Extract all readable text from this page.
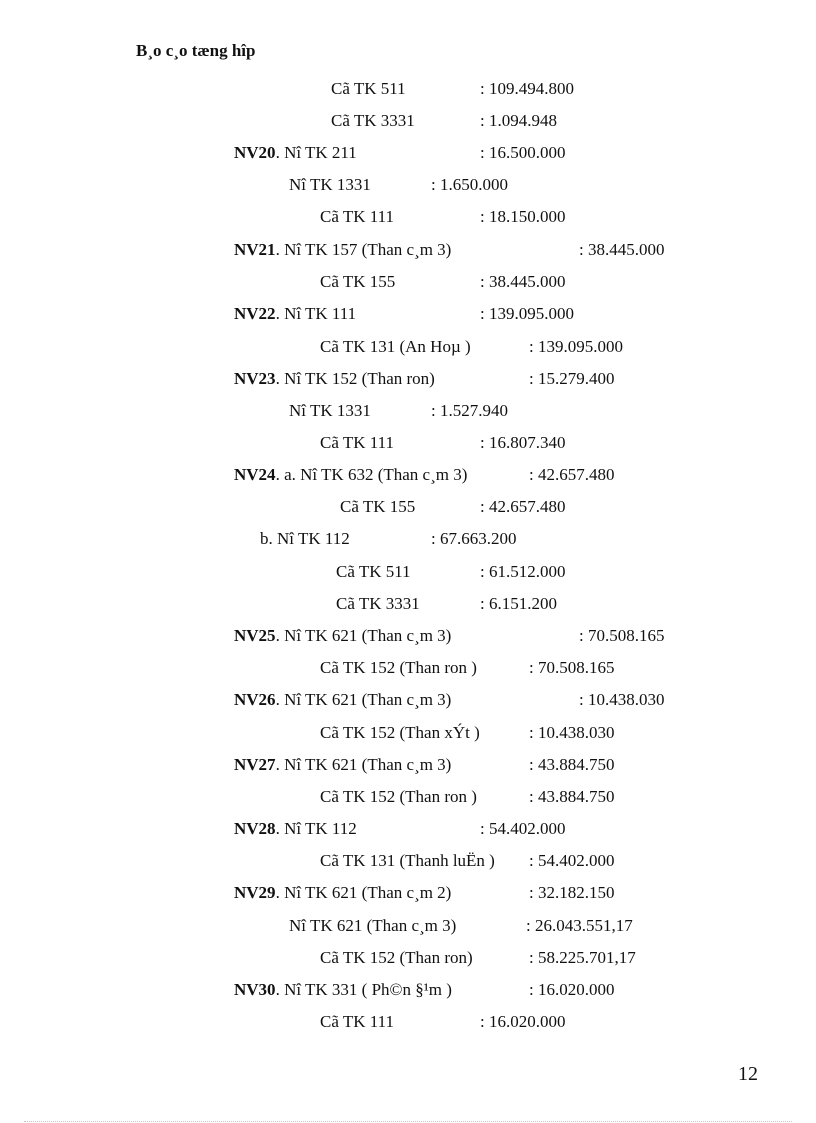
B¸o c¸o tæng hîp
Cã TK 511	: 109.494.800
Cã TK 3331	: 1.094.948
NV20. Nî TK 211	: 16.500.000
Nî TK 1331	: 1.650.000
Cã TK 111	: 18.150.000
NV21. Nî TK 157 (Than c¸m 3)	: 38.445.000
Cã TK 155	: 38.445.000
NV22. Nî TK 111	: 139.095.000
Cã TK 131 (An Hoµ )	: 139.095.000
NV23. Nî TK 152 (Than ron)	: 15.279.400
Nî TK 1331	: 1.527.940
Cã TK 111	: 16.807.340
NV24. a. Nî TK 632 (Than c¸m 3)	: 42.657.480
Cã TK 155	: 42.657.480
b. Nî TK 112	: 67.663.200
Cã TK 511	: 61.512.000
Cã TK 3331	: 6.151.200
NV25. Nî TK 621 (Than c¸m 3)	: 70.508.165
Cã TK 152 (Than ron )	: 70.508.165
NV26. Nî TK 621 (Than c¸m 3)	: 10.438.030
Cã TK 152 (Than xÝt )	: 10.438.030
NV27. Nî TK 621 (Than c¸m 3)	: 43.884.750
Cã TK 152 (Than ron )	: 43.884.750
NV28. Nî TK 112	: 54.402.000
Cã TK 131 (Thanh luËn ) : 54.402.000
NV29. Nî TK 621 (Than c¸m 2)	: 32.182.150
Nî TK 621 (Than c¸m 3)	: 26.043.551,17
Cã TK 152 (Than ron)	: 58.225.701,17
NV30. Nî TK 331 ( Ph©n §¹m )	: 16.020.000
Cã TK 111	: 16.020.000
12
